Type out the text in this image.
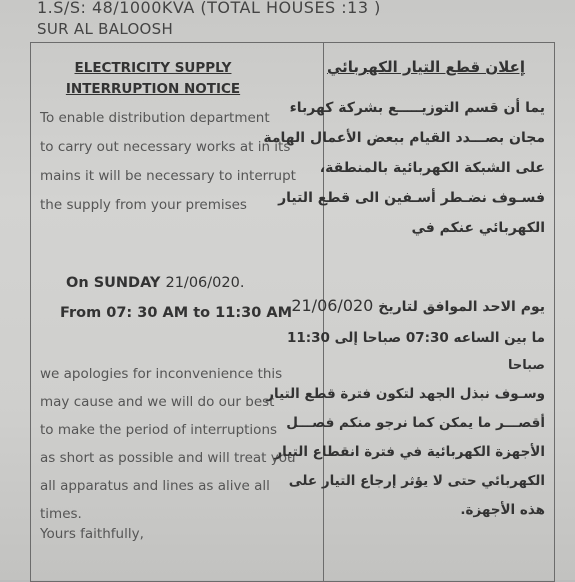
1.S/S: 48/1000KVA (TOTAL HOUSES :13 )
SUR AL BALOOSH
ELECTRICITY SUPPLY
INTERRUPTION NOTICE
إعلان قطع التيار الكهربائي
To enable distribution department
to carry out necessary works at in its
mains it will be necessary to interrupt
the supply from your premises
On SUNDAY 21/06/020.
From 07: 30 AM to 11:30 AM
we apologies for inconvenience this
may cause and we will do our best
to make the period of interruptions
as short as possible and will treat you
all apparatus and lines as alive all
times.
Yours faithfully,
يما أن قسم التوزيـــــع بشركة كهرباء
مجان بصـــدد القيام ببعض الأعمال الهامة
على الشبكة الكهربائية بالمنطقة،
فسـوف نضـطر أسـفين الى قطع التيار
الكهربائي عنكم في
يوم الاحد الموافق لتاريخ 21/06/020
ما بين الساعه 07:30 صباحا إلى 11:30
صباحا
وسـوف نبذل الجهد لتكون فترة قطع التيار
أقصـــر ما يمكن كما نرجو منكم فصـــل
الأجهزة الكهربائية في فترة انقطاع التيار
الكهربائي حتى لا يؤثر إرجاع التيار على
هذه الأجهزة.
